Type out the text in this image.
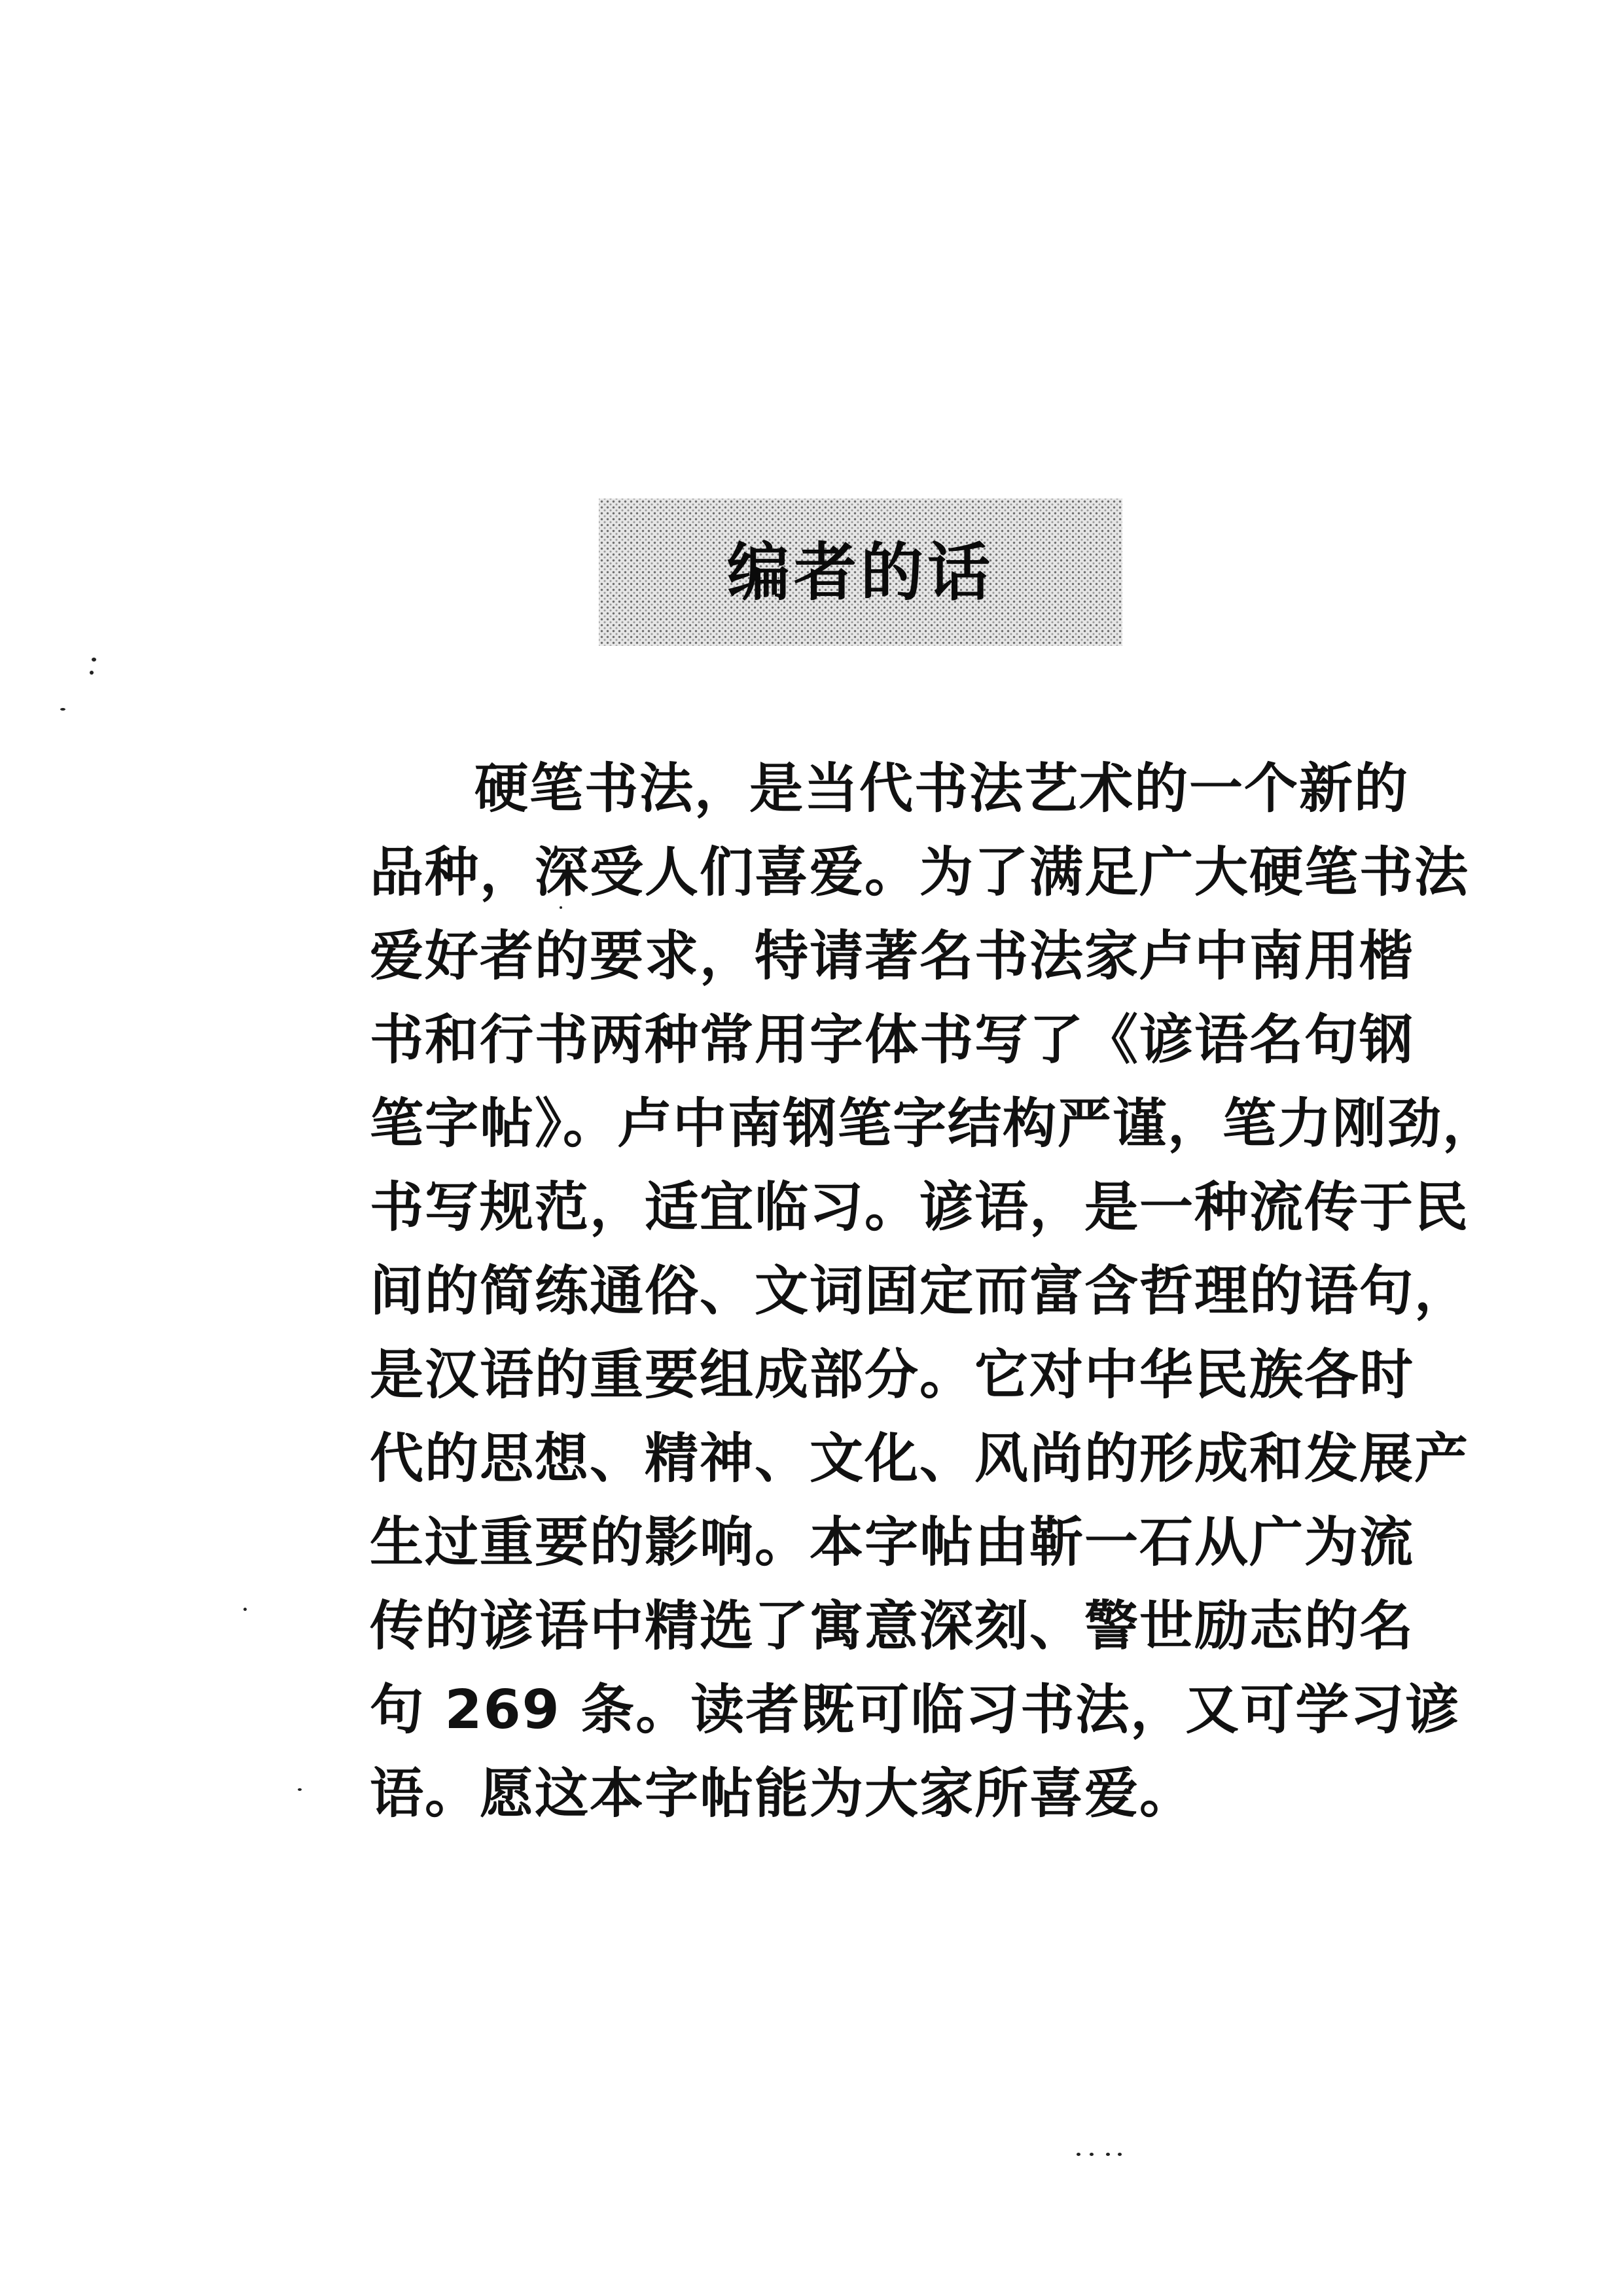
编者的话
硬笔书法，是当代书法艺术的一个新的
品种，深受人们喜爱。为了满足广大硬笔书法
爱好者的要求，特请著名书法家卢中南用楷
书和行书两种常用字体书写了《谚语名句钢
笔字帖》。卢中南钢笔字结构严谨，笔力刚劲，
书写规范，适宜临习。谚语，是一种流传于民
间的简练通俗、文词固定而富含哲理的语句，
是汉语的重要组成部分。它对中华民族各时
代的思想、精神、文化、风尚的形成和发展产
生过重要的影响。本字帖由靳一石从广为流
传的谚语中精选了寓意深刻、警世励志的名
句 269 条。读者既可临习书法，又可学习谚
语。愿这本字帖能为大家所喜爱。
